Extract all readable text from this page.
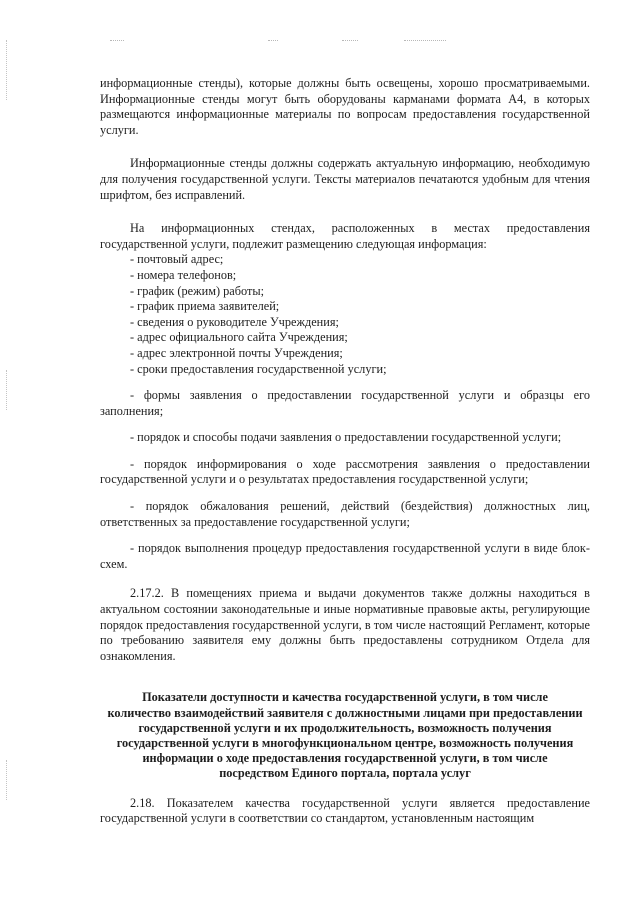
информационные стенды), которые должны быть освещены, хорошо просматриваемыми. Информационные стенды могут быть оборудованы карманами формата А4, в которых размещаются информационные материалы по вопросам предоставления государственной услуги.

Информационные стенды должны содержать актуальную информацию, необходимую для получения государственной услуги. Тексты материалов печатаются удобным для чтения шрифтом, без исправлений.

На информационных стендах, расположенных в местах предоставления государственной услуги, подлежит размещению следующая информация:

- почтовый адрес;

- номера телефонов;

- график (режим) работы;

- график приема заявителей;

- сведения о руководителе Учреждения;

- адрес официального сайта Учреждения;

- адрес электронной почты Учреждения;

- сроки предоставления государственной услуги;

- формы заявления о предоставлении государственной услуги и образцы его заполнения;

- порядок и способы подачи заявления о предоставлении государственной услуги;

- порядок информирования о ходе рассмотрения заявления о предоставлении государственной услуги и о результатах предоставления государственной услуги;

- порядок обжалования решений, действий (бездействия) должностных лиц, ответственных за предоставление государственной услуги;

- порядок выполнения процедур предоставления государственной услуги в виде блок-схем.

2.17.2. В помещениях приема и выдачи документов также должны находиться в актуальном состоянии законодательные и иные нормативные правовые акты, регулирующие порядок предоставления государственной услуги, в том числе настоящий Регламент, которые по требованию заявителя ему должны быть предоставлены сотрудником Отдела для ознакомления.

Показатели доступности и качества государственной услуги, в том числе
количество взаимодействий заявителя с должностными лицами при предоставлении
государственной услуги и их продолжительность, возможность получения
государственной услуги в многофункциональном центре, возможность получения
информации о ходе предоставления государственной услуги, в том числе
посредством Единого портала, портала услуг

2.18. Показателем качества государственной услуги является предоставление государственной услуги в соответствии со стандартом, установленным настоящим
